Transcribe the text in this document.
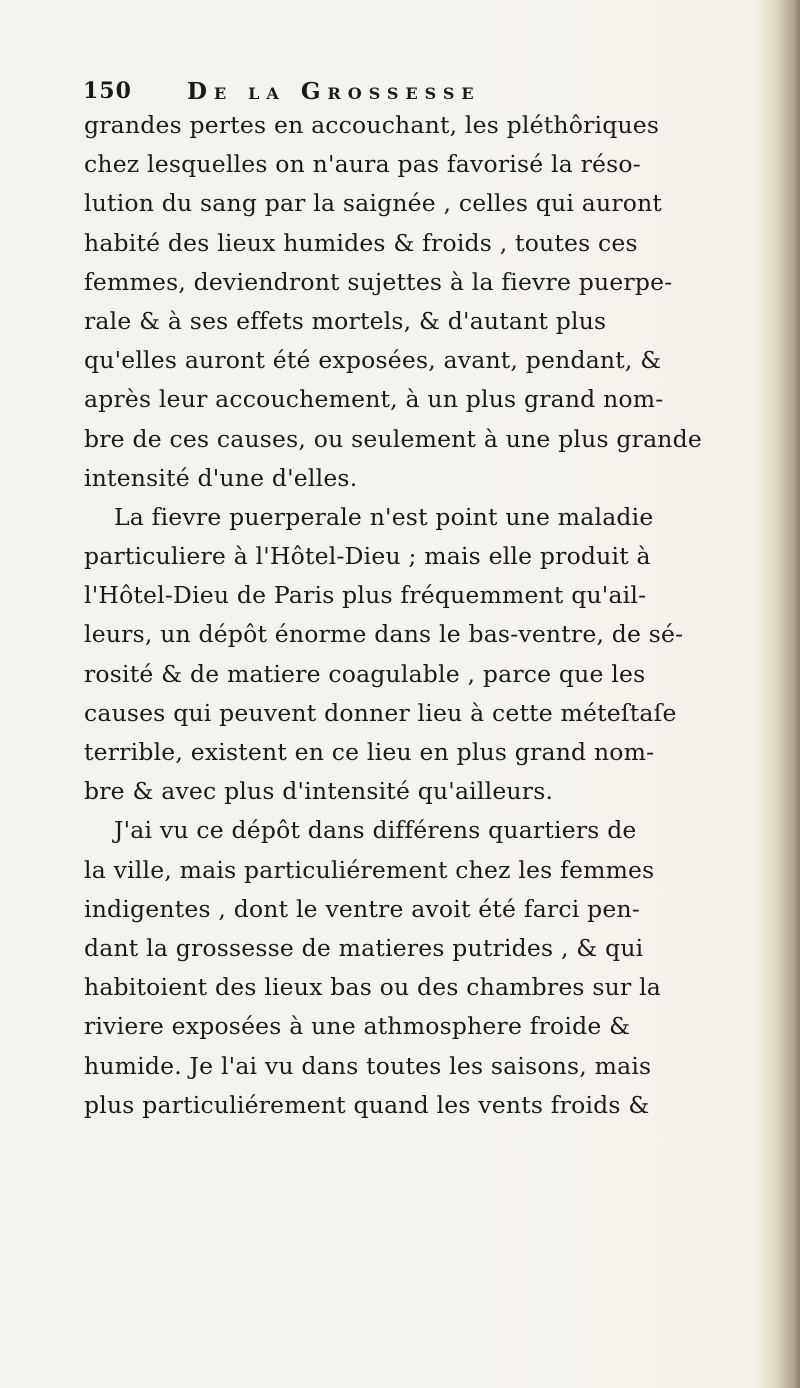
150 De la Grossesse
grandes pertes en accouchant, les pléthôriques
chez lesquelles on n'aura pas favorisé la réso-
lution du sang par la saignée , celles qui auront
habité des lieux humides & froids , toutes ces
femmes, deviendront sujettes à la fievre puerpe-
rale & à ses effets mortels, & d'autant plus
qu'elles auront été exposées, avant, pendant, &
après leur accouchement, à un plus grand nom-
bre de ces causes, ou seulement à une plus grande
intensité d'une d'elles.
La fievre puerperale n'est point une maladie
particuliere à l'Hôtel-Dieu ; mais elle produit à
l'Hôtel-Dieu de Paris plus fréquemment qu'ail-
leurs, un dépôt énorme dans le bas-ventre, de sé-
rosité & de matiere coagulable , parce que les
causes qui peuvent donner lieu à cette méteſtaſe
terrible, existent en ce lieu en plus grand nom-
bre & avec plus d'intensité qu'ailleurs.
J'ai vu ce dépôt dans différens quartiers de
la ville, mais particuliérement chez les femmes
indigentes , dont le ventre avoit été farci pen-
dant la grossesse de matieres putrides , & qui
habitoient des lieux bas ou des chambres sur la
riviere exposées à une athmosphere froide &
humide. Je l'ai vu dans toutes les saisons, mais
plus particuliérement quand les vents froids &
